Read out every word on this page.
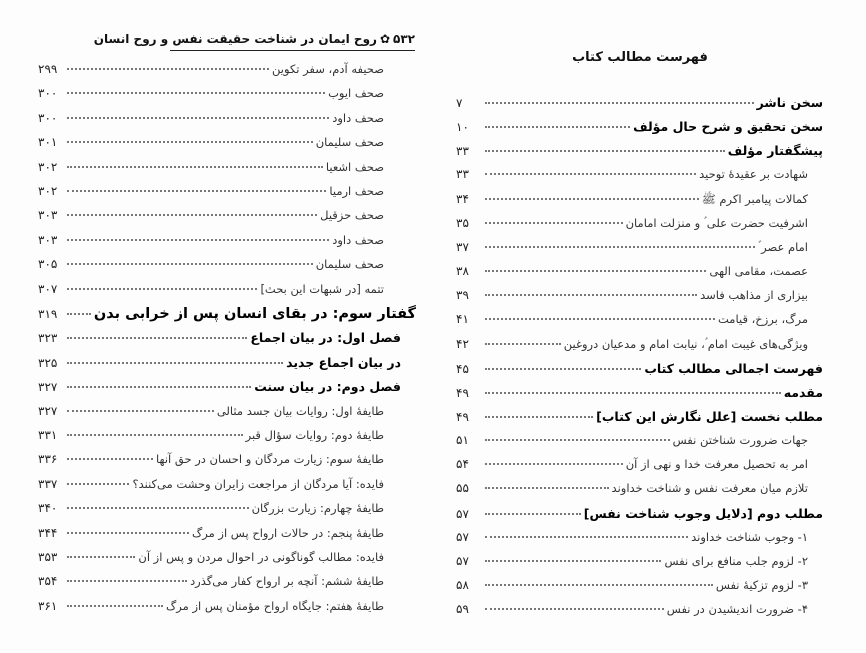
۵۳۲✿روح ایمان در شناخت حقیقت نفس و روح انسان
فهرست مطالب کتاب
صحیفه آدم، سفر تکوین
۲۹۹
صحف ایوب
۳۰۰
صحف داود
۳۰۰
صحف سلیمان
۳۰۱
صحف اشعیا
۳۰۲
صحف ارمیا
۳۰۲
صحف حزقیل
۳۰۳
صحف داود
۳۰۳
صحف سلیمان
۳۰۵
تتمه [در شبهات این بحث]
۳۰۷
گفتار سوم: در بقای انسان پس از خرابی بدن
۳۱۹
فصل اول: در بیان اجماع
۳۲۳
در بیان اجماع جدید
۳۲۵
فصل دوم: در بیان سنت
۳۲۷
طایفهٔ اول: روایات بیان جسد مثالی
۳۲۷
طایفهٔ دوم: روایات سؤال قبر
۳۳۱
طایفهٔ سوم: زیارت مردگان و احسان در حق آنها
۳۳۶
فایده: آیا مردگان از مراجعت زایران وحشت می‌کنند؟
۳۳۷
طایفهٔ چهارم: زیارت بزرگان
۳۴۰
طایفهٔ پنجم: در حالات ارواح پس از مرگ
۳۴۴
فایده: مطالب گوناگونی در احوال مردن و پس از آن
۳۵۳
طایفهٔ ششم: آنچه بر ارواح کفار می‌گذرد
۳۵۴
طایفهٔ هفتم: جایگاه ارواح مؤمنان پس از مرگ
۳۶۱
سخن ناشر
۷
سخن تحقیق و شرح حال مؤلف
۱۰
پیشگفتار مؤلف
۳۳
شهادت بر عقیدهٔ توحید
۳۳
کمالات پیامبر اکرم ﷺ
۳۴
اشرفیت حضرت علی ؑ و منزلت امامان
۳۵
امام عصر ؑ
۳۷
عصمت، مقامی الهی
۳۸
بیزاری از مذاهب فاسد
۳۹
مرگ، برزخ، قیامت
۴۱
ویژگی‌های غیبت امام ؑ، نیابت امام و مدعیان دروغین
۴۲
فهرست اجمالی مطالب کتاب
۴۵
مقدمه
۴۹
مطلب نخست [علل نگارش این کتاب]
۴۹
جهات ضرورت شناختن نفس
۵۱
امر به تحصیل معرفت خدا و نهی از آن
۵۴
تلازم میان معرفت نفس و شناخت خداوند
۵۵
مطلب دوم [دلایل وجوب شناخت نفس]
۵۷
۱- وجوب شناخت خداوند
۵۷
۲- لزوم جلب منافع برای نفس
۵۷
۳- لزوم تزکیهٔ نفس
۵۸
۴- ضرورت اندیشیدن در نفس
۵۹
